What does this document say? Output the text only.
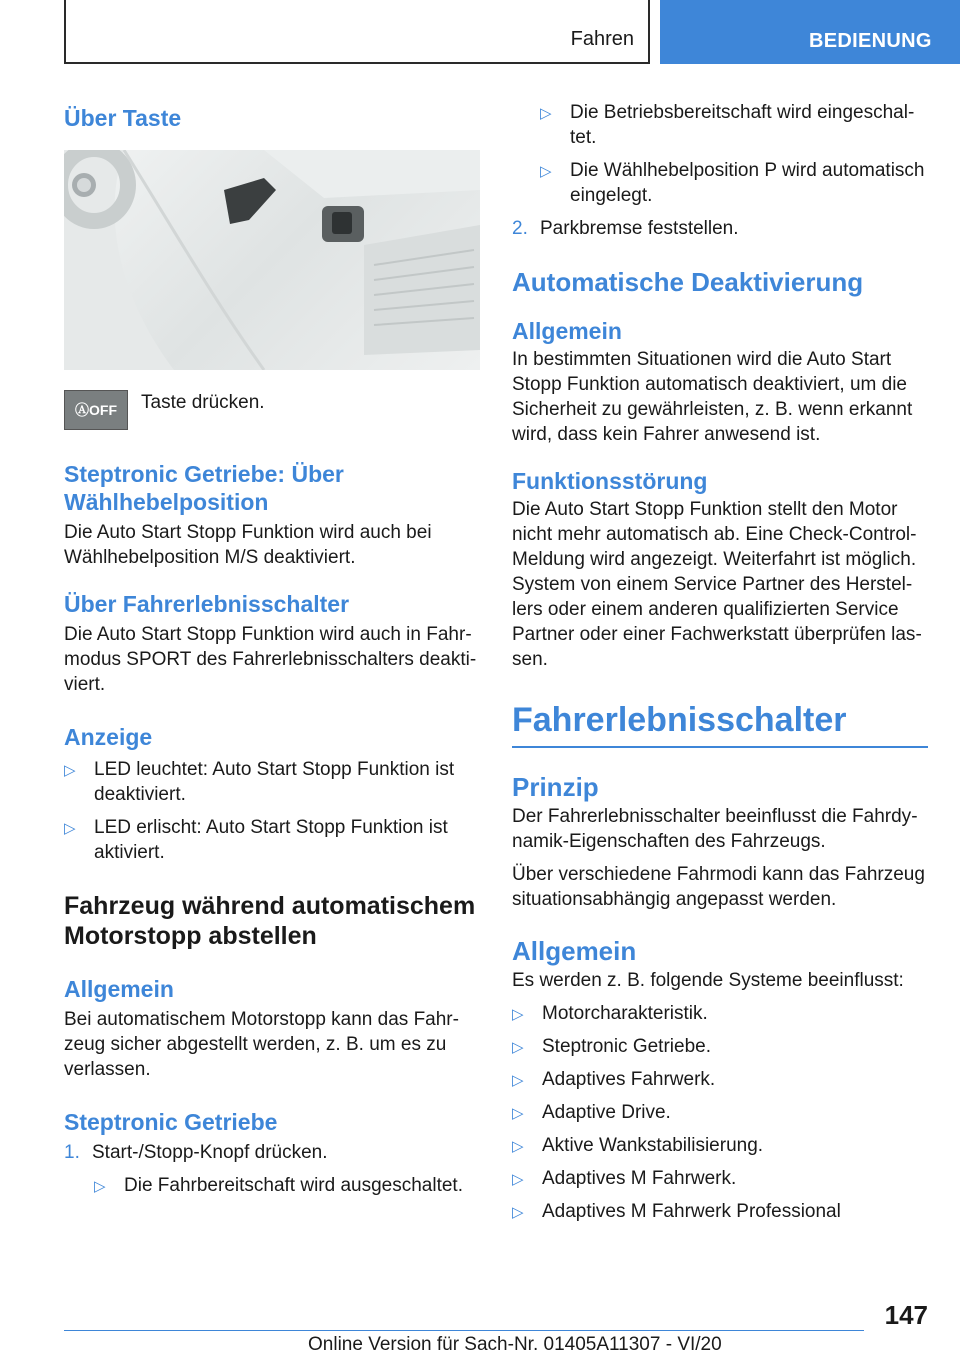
Fahren	BEDIENUNG
Über Taste
ⒶOFF	Taste drücken.
Steptronic Getriebe: Über Wählhebelposition

Die Auto Start Stopp Funktion wird auch bei Wählhebelposition M/S deaktiviert.

Über Fahrerlebnisschalter

Die Auto Start Stopp Funktion wird auch in Fahrmodus SPORT des Fahrerlebnisschalters deaktiviert.

Anzeige
▷ LED leuchtet: Auto Start Stopp Funktion ist deaktiviert.
▷ LED erlischt: Auto Start Stopp Funktion ist aktiviert.
Fahrzeug während automatischem Motorstopp abstellen
Allgemein

Bei automatischem Motorstopp kann das Fahrzeug sicher abgestellt werden, z. B. um es zu verlassen.

Steptronic Getriebe
1. Start-/Stopp-Knopf drücken.
▷ Die Fahrbereitschaft wird ausgeschaltet.
▷ Die Betriebsbereitschaft wird eingeschaltet.
▷ Die Wählhebelposition P wird automatisch eingelegt.
2. Parkbremse feststellen.
Automatische Deaktivierung
Allgemein

In bestimmten Situationen wird die Auto Start Stopp Funktion automatisch deaktiviert, um die Sicherheit zu gewährleisten, z. B. wenn erkannt wird, dass kein Fahrer anwesend ist.

Funktionsstörung

Die Auto Start Stopp Funktion stellt den Motor nicht mehr automatisch ab. Eine Check-Control-Meldung wird angezeigt. Weiterfahrt ist möglich. System von einem Service Partner des Herstellers oder einem anderen qualifizierten Service Partner oder einer Fachwerkstatt überprüfen lassen.

Fahrerlebnisschalter
Prinzip

Der Fahrerlebnisschalter beeinflusst die Fahrdynamik-Eigenschaften des Fahrzeugs.

Über verschiedene Fahrmodi kann das Fahrzeug situationsabhängig angepasst werden.

Allgemein

Es werden z. B. folgende Systeme beeinflusst:

▷ Motorcharakteristik.
▷ Steptronic Getriebe.
▷ Adaptives Fahrwerk.
▷ Adaptive Drive.
▷ Aktive Wankstabilisierung.
▷ Adaptives M Fahrwerk.
▷ Adaptives M Fahrwerk Professional
147
Online Version für Sach-Nr. 01405A11307 - VI/20
